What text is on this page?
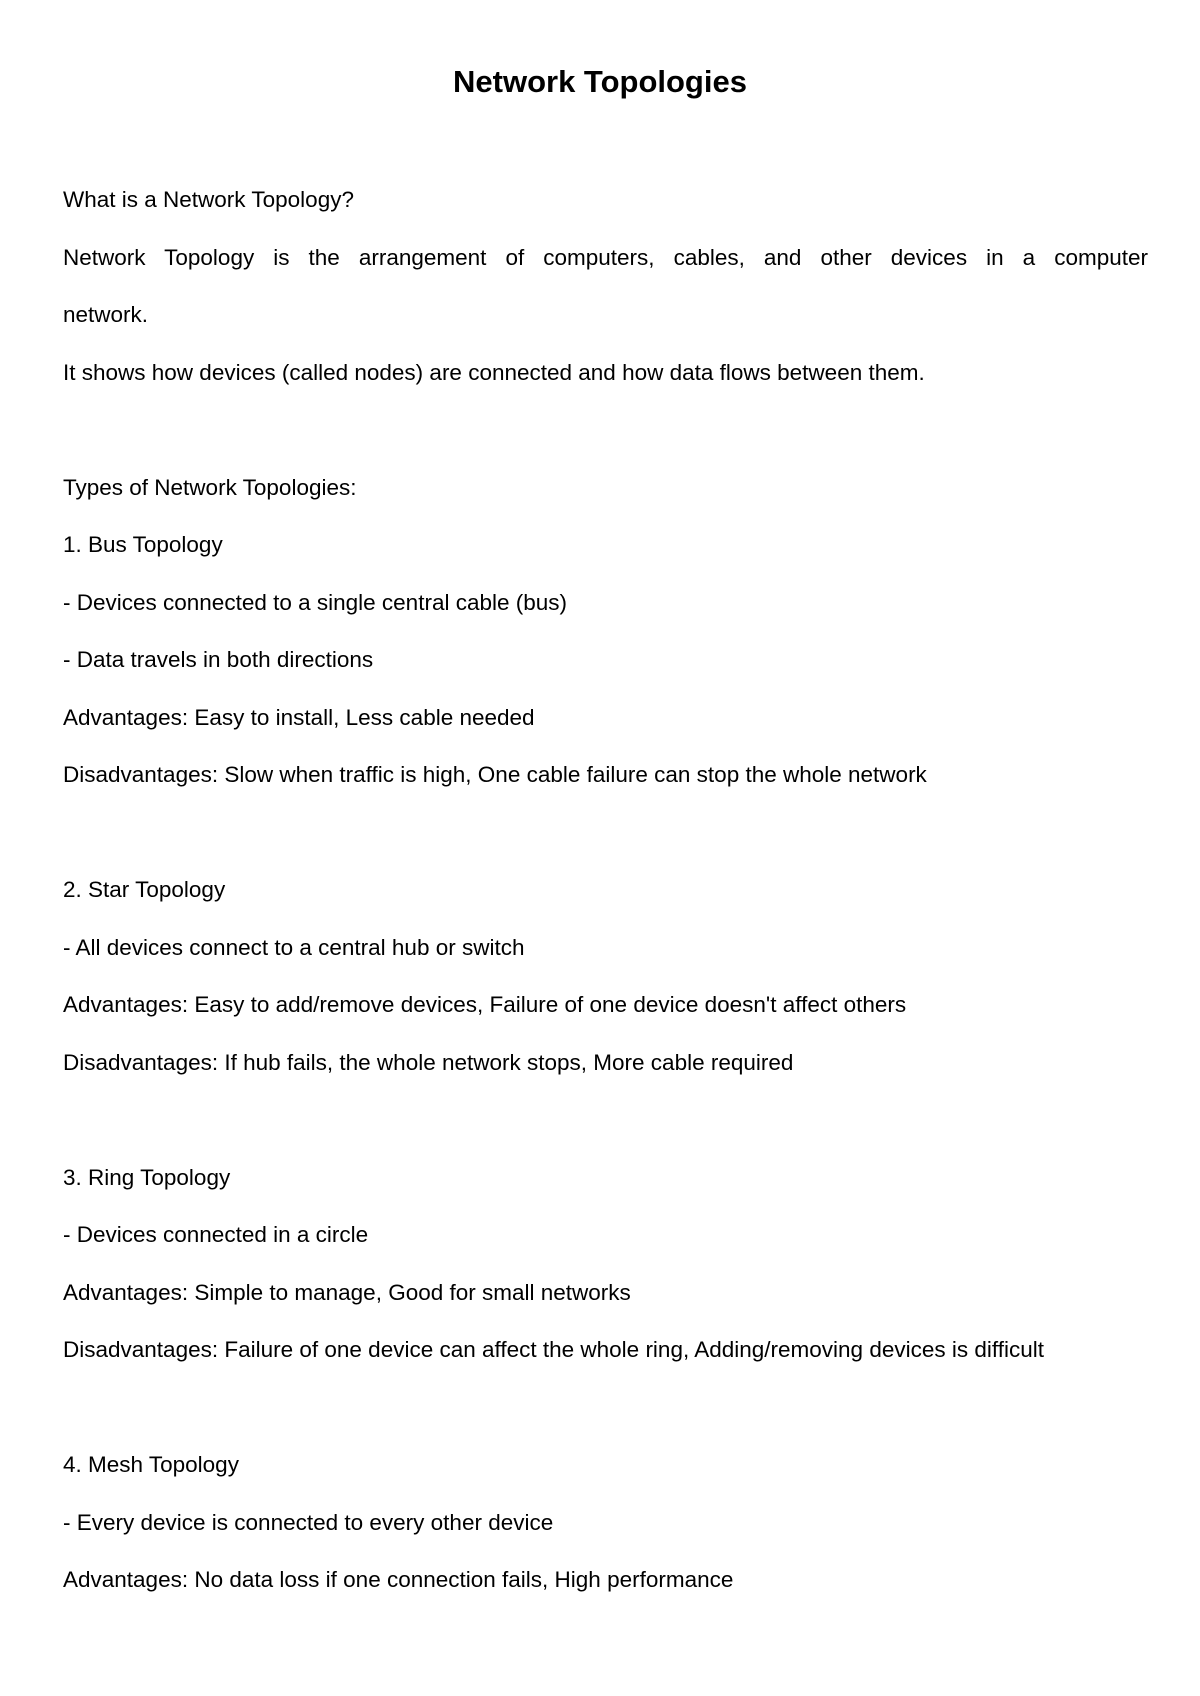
Network Topologies
What is a Network Topology?
Network Topology is the arrangement of computers, cables, and other devices in a computer
network.
It shows how devices (called nodes) are connected and how data flows between them.
Types of Network Topologies:
1. Bus Topology
- Devices connected to a single central cable (bus)
- Data travels in both directions
Advantages: Easy to install, Less cable needed
Disadvantages: Slow when traffic is high, One cable failure can stop the whole network
2. Star Topology
- All devices connect to a central hub or switch
Advantages: Easy to add/remove devices, Failure of one device doesn't affect others
Disadvantages: If hub fails, the whole network stops, More cable required
3. Ring Topology
- Devices connected in a circle
Advantages: Simple to manage, Good for small networks
Disadvantages: Failure of one device can affect the whole ring, Adding/removing devices is difficult
4. Mesh Topology
- Every device is connected to every other device
Advantages: No data loss if one connection fails, High performance
